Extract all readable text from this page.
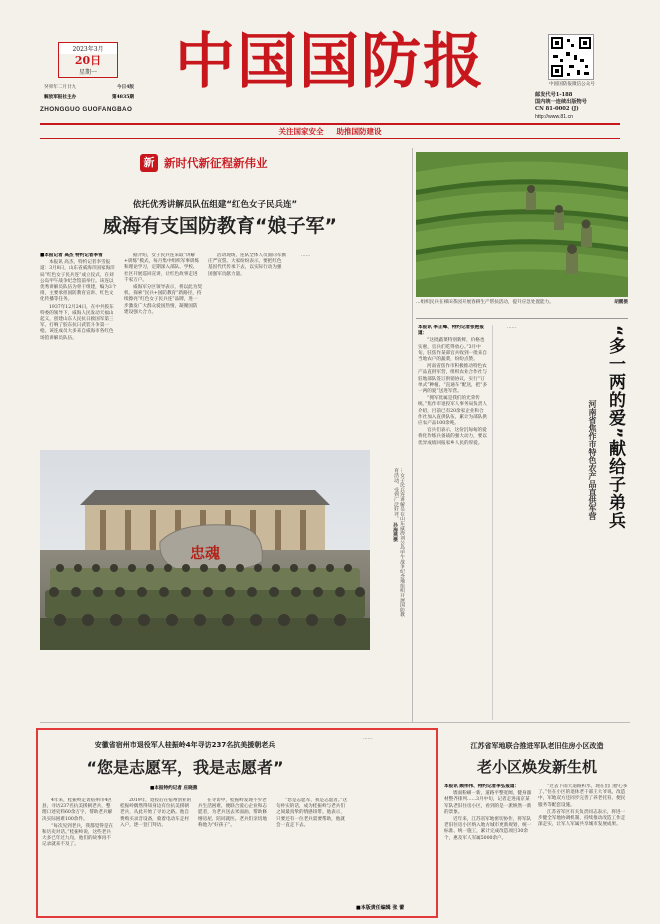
2023年3月
20日
星期一
癸卯年二月廿九	今日4版
解放军报社主办	第4835期
ZHONGGUO GUOFANGBAO
中国国防报	中国国防报微信公众号
邮发代号1-188
国内统一连续出版物号
CN 81-0002 (J)
http://www.81.cn
关注国家安全 助推国防建设
新 新时代新征程新伟业
依托优秀讲解员队伍组建“红色女子民兵连”
威海有支国防教育“娘子军”

■本报记者 高杰 特约记者李雪

本报讯 高杰、特约记者李雪报道：3月8日，山东省威海市国家海洋局“红色女子民兵连”成立仪式，在刘公岛甲午战争纪念馆前举行。该连以优秀讲解员队伍为骨干组建，编为3个排，主要承担国防教育宣讲、红色文化传播等任务。

1937年12月24日，在中共胶东特委的领导下，威海人民发动天福山起义，创建山东人民抗日救国军第三军，打响了胶东抗日武装斗争第一枪。该连成员大多来自威海市各红色场馆讲解员队伍。

据介绍，女子民兵连采取“讲解+训练”模式，每月集中组织军事训练和理论学习，定期深入部队、学校、社区开展巡回宣讲，让红色故事走进千家万户。

威海军分区领导表示，将以此为契机，探索“民兵+国防教育”新路径，持续擦亮“红色女子民兵连”品牌，进一步激发广大群众爱国热情，凝聚国防建设强大合力。

活动现场，连队全体人员面向军旗庄严宣誓。大家纷纷表示，要把红色基因代代传承下去，以实际行动为强国强军贡献力量。

……

忠魂	…女子民兵连讲解员在山东威海刘公岛甲午战争纪念地组织开展国防教育活动，受到广泛好评。 孙海燕摄
…组织民兵在梯田茶园开展春耕生产帮扶活动，提升应急处置能力。	胡鹏摄

本报讯 李正峰、特约记者张艳报道：

“这批蔬菜特别新鲜，价格也实惠，官兵们吃得放心。”3月中旬，驻焦作某部官兵收到一批来自当地农户的蔬菜，纷纷点赞。

河南省焦作市积极推动特色农产品直供军营，组织农业合作社与驻地部队签订供销协议，实行“订单式”种植、“直通车”配送，把“多一两的爱”送进军营。

“拥军优属是我们的光荣传统。”焦作市退役军人事务局负责人介绍，目前已有20余家企业和合作社加入直供队伍，累计为部队供应农产品100余吨。

官兵们表示，这份沉甸甸的爱将化作练兵备战的强大动力，要以优异成绩回报家乡人民的厚爱。	“多一两的爱”献给子弟兵
河南省焦作市特色农产品直供军营

……

安徽省宿州市退役军人桂振岭4年寻访237名抗美援朝老兵
“您是志愿军，我是志愿者”
■本报特约记者 庄晓燕

4年来，桂振岭走访宿州市4区县，寻访237名抗美援朝老兵，整理口述史料60余万字，帮助老兵解决实际困难100余件。

“每次见到老兵，我都觉得是在和历史对话。”桂振岭说，这些老兵大多已年过九旬，他们的故事再不记录就来不及了。

2019年，退役后在宿州创业的桂振岭偶然得知身边有位抗美援朝老兵，从此开始了寻访之路。他自费购买录音设备，骑着电动车走村入户，逐一登门拜访。

在寻访中，桂振岭发现不少老兵生活困难，便联合爱心企业和志愿者，为老兵送去米面油、帮助修缮房屋、陪同就医。老兵们亲切地称他为“好孩子”。

“您是志愿军，我是志愿者。”这句朴实的话，成为桂振岭与老兵们之间最真挚的情感纽带。他表示，只要还有一位老兵需要帮助，他就会一直走下去。

……

■本版责任编辑 张 蕾
江苏省军地联合推进军队老旧住房小区改造
老小区焕发新生机

本报讯 顾伟伟、特约记者李弘报道：

墙面粉刷一新，道路平整宽阔，健身器材整齐排列……3月中旬，记者走进南京某军队老旧住房小区，看到的是一派焕然一新的景象。

近年来，江苏省军地密切协作，将军队老旧住房小区纳入地方城市更新规划，统一标准、统一施工，累计完成改造项目30余个，惠及军人军属5000余户。

“过去下雨天道路积水，现在出门舒心多了。”住在小区的退休老干部王大爷说。改造中，军地双方还同步完善了养老托育、便民服务等配套设施。

江苏省军区有关负责同志表示，将进一步健全军地协调机制，持续推动改造工作走深走实，让军人军属共享城市发展成果。
